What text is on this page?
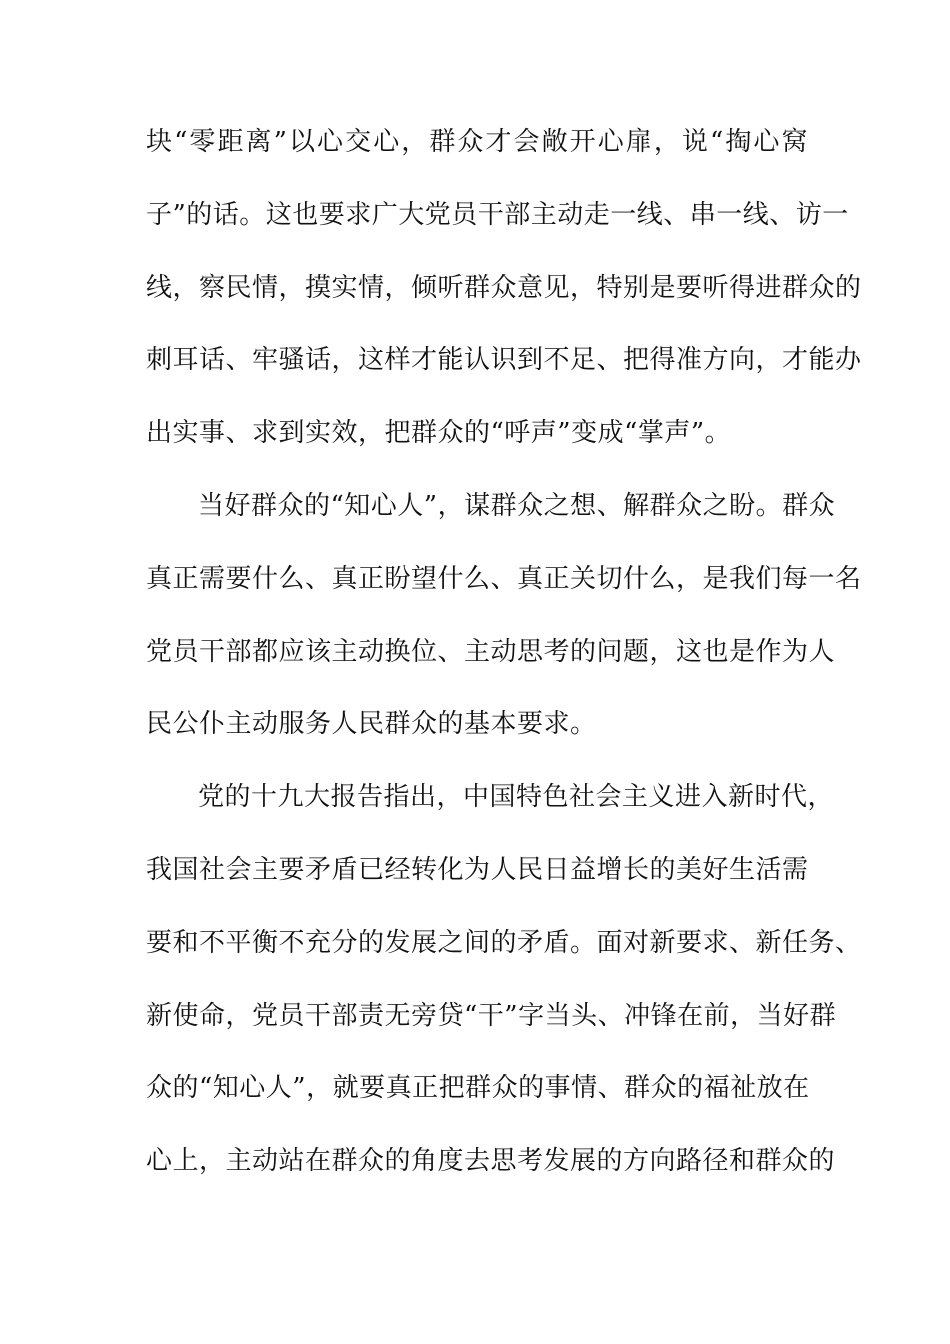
块“零距离”以心交心，群众才会敞开心扉，说“掏心窝
子”的话。这也要求广大党员干部主动走一线、串一线、访一
线，察民情，摸实情，倾听群众意见，特别是要听得进群众的
刺耳话、牢骚话，这样才能认识到不足、把得准方向，才能办
出实事、求到实效，把群众的“呼声”变成“掌声”。
当好群众的“知心人”，谋群众之想、解群众之盼。群众
真正需要什么、真正盼望什么、真正关切什么，是我们每一名
党员干部都应该主动换位、主动思考的问题，这也是作为人
民公仆主动服务人民群众的基本要求。
党的十九大报告指出，中国特色社会主义进入新时代，
我国社会主要矛盾已经转化为人民日益增长的美好生活需
要和不平衡不充分的发展之间的矛盾。面对新要求、新任务、
新使命，党员干部责无旁贷“干”字当头、冲锋在前，当好群
众的“知心人”，就要真正把群众的事情、群众的福祉放在
心上，主动站在群众的角度去思考发展的方向路径和群众的
